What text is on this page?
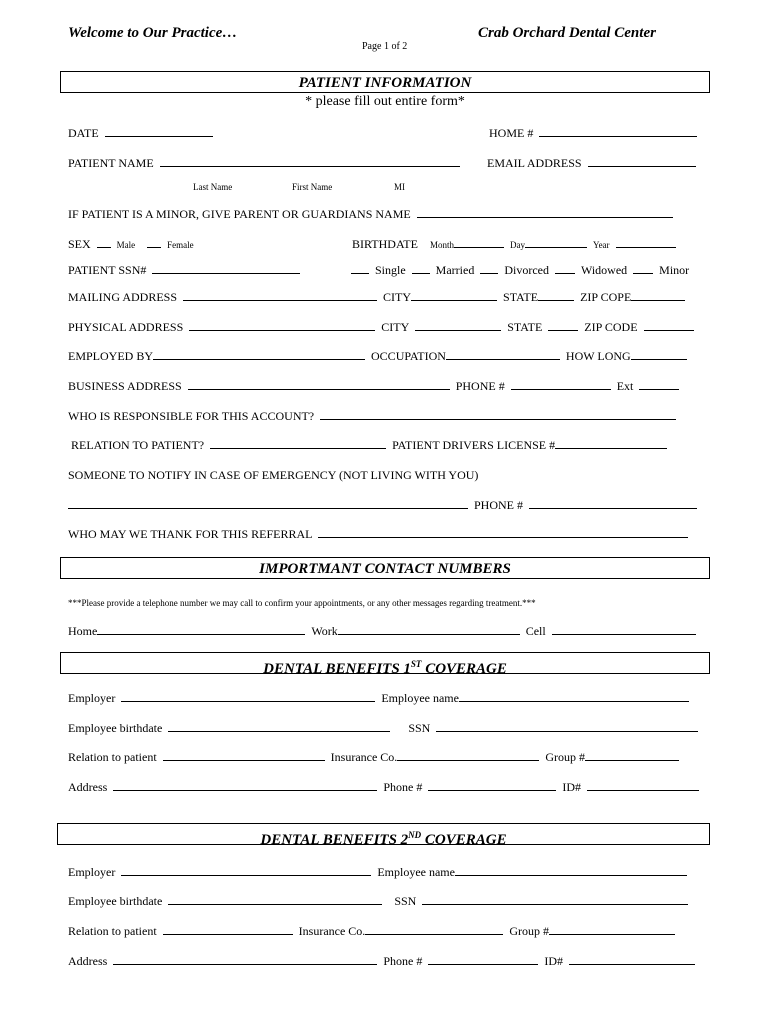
Welcome to Our Practice…	Crab Orchard Dental Center
Page 1 of 2
PATIENT INFORMATION
* please fill out entire form*
DATE	HOME #
PATIENT NAME	EMAIL ADDRESS
Last Name	First Name	MI
IF PATIENT IS A MINOR, GIVE PARENT OR GUARDIANS NAME
SEX	Male	Female	BIRTHDATE Month	Day	Year
PATIENT SSN#	Single	Married	Divorced	Widowed	Minor
MAILING ADDRESS	CITY	STATE	ZIP COPE
PHYSICAL ADDRESS	CITY	STATE	ZIP CODE
EMPLOYED BY	OCCUPATION	HOW LONG
BUSINESS ADDRESS	PHONE #	Ext
WHO IS RESPONSIBLE FOR THIS ACCOUNT?
RELATION TO PATIENT?	PATIENT DRIVERS LICENSE #
SOMEONE TO NOTIFY IN CASE OF EMERGENCY (NOT LIVING WITH YOU)
PHONE #
WHO MAY WE THANK FOR THIS REFERRAL
IMPORTMANT CONTACT NUMBERS
***Please provide a telephone number we may call to confirm your appointments, or any other messages regarding treatment.***
Home	Work	Cell
DENTAL BENEFITS 1ST COVERAGE
Employer	Employee name
Employee birthdate	SSN
Relation to patient	Insurance Co.	Group #
Address	Phone #	ID#
DENTAL BENEFITS 2ND COVERAGE
Employer	Employee name
Employee birthdate	SSN
Relation to patient	Insurance Co.	Group #
Address	Phone #	ID#
